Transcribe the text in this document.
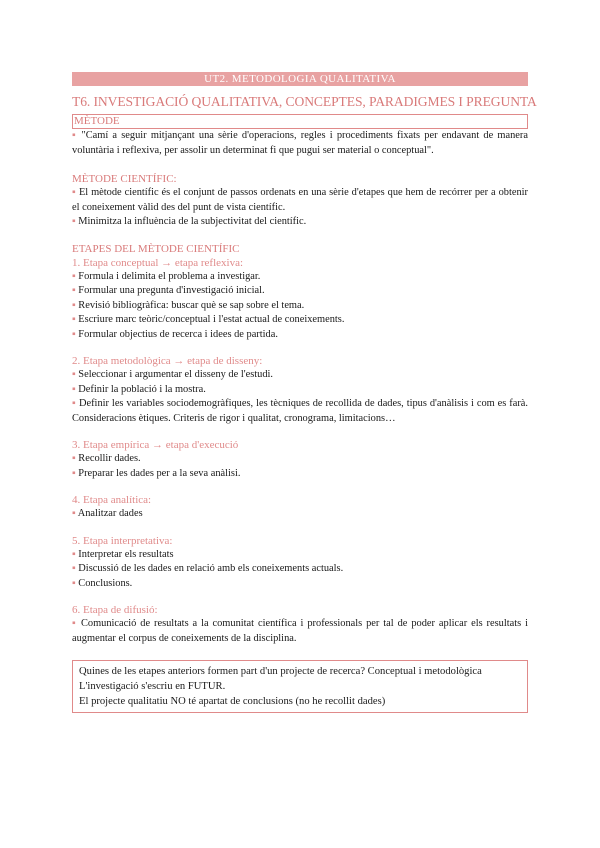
UT2. METODOLOGIA QUALITATIVA
T6. INVESTIGACIÓ QUALITATIVA, CONCEPTES, PARADIGMES I PREGUNTA
MÈTODE
▪ "Camí a seguir mitjançant una sèrie d'operacions, regles i procediments fixats per endavant de manera voluntària i reflexiva, per assolir un determinat fi que pugui ser material o conceptual".
MÈTODE CIENTÍFIC:
▪ El mètode científic és el conjunt de passos ordenats en una sèrie d'etapes que hem de recórrer per a obtenir el coneixement vàlid des del punt de vista científic.
▪ Minimitza la influència de la subjectivitat del científic.
ETAPES DEL MÈTODE CIENTÍFIC
1. Etapa conceptual → etapa reflexiva:
▪ Formula i delimita el problema a investigar.
▪ Formular una pregunta d'investigació inicial.
▪ Revisió bibliogràfica: buscar què se sap sobre el tema.
▪ Escriure marc teòric/conceptual i l'estat actual de coneixements.
▪ Formular objectius de recerca i idees de partida.
2. Etapa metodològica → etapa de disseny:
▪ Seleccionar i argumentar el disseny de l'estudi.
▪ Definir la població i la mostra.
▪ Definir les variables sociodemogràfiques, les tècniques de recollida de dades, tipus d'anàlisis i com es farà. Consideracions ètiques. Criteris de rigor i qualitat, cronograma, limitacions…
3. Etapa empírica → etapa d'execució
▪ Recollir dades.
▪ Preparar les dades per a la seva anàlisi.
4. Etapa analítica:
▪ Analitzar dades
5. Etapa interpretativa:
▪ Interpretar els resultats
▪ Discussió de les dades en relació amb els coneixements actuals.
▪ Conclusions.
6. Etapa de difusió:
▪ Comunicació de resultats a la comunitat científica i professionals per tal de poder aplicar els resultats i augmentar el corpus de coneixements de la disciplina.
Quines de les etapes anteriors formen part d'un projecte de recerca? Conceptual i metodològica
L'investigació s'escriu en FUTUR.
El projecte qualitatiu NO té apartat de conclusions (no he recollit dades)
